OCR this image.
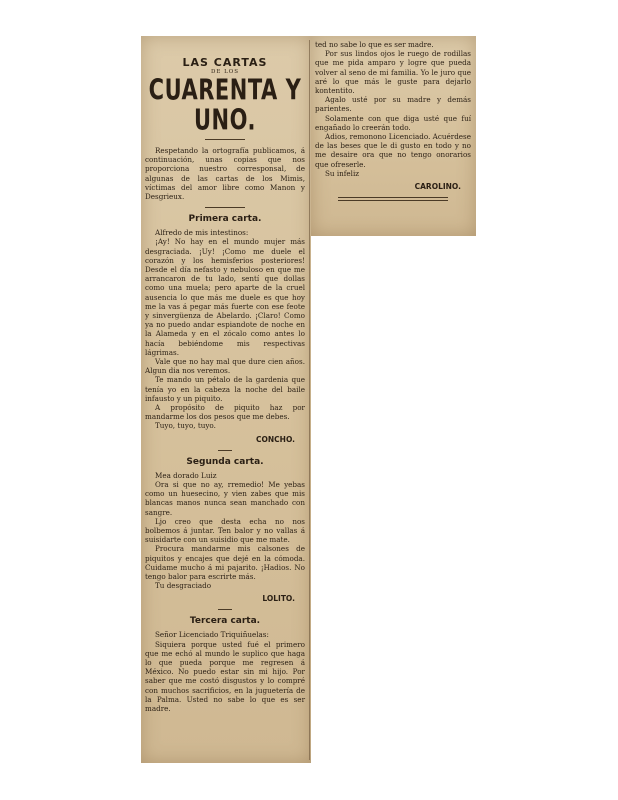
LAS CARTAS
DE LOS
CUARENTA Y UNO.

Respetando la ortografía publicamos, á continuación, unas copias que nos proporciona nuestro corresponsal, de algunas de las cartas de los Mimis, víctimas del amor libre como Manon y Desgrieux.

Primera carta.

Alfredo de mis intestinos:

¡Ay! No hay en el mundo mujer más desgraciada. ¡Uy! ¡Como me duele el corazón y los hemisferios posteriores! Desde el día nefasto y nebuloso en que me arrancaron de tu lado, sentí que dollas como una muela; pero aparte de la cruel ausencia lo que más me duele es que hoy me la vas á pegar más fuerte con ese feote y sinvergüenza de Abelardo. ¡Claro! Como ya no puedo andar espiandote de noche en la Alameda y en el zócalo como antes lo hacía bebiéndome mis respectivas lágrimas.

Vale que no hay mal que dure cien años. Algun dia nos veremos.

Te mando un pétalo de la gardenia que tenía yo en la cabeza la noche del baile infausto y un piquito.

A propósito de piquito haz por mandarme los dos pesos que me debes.

Tuyo, tuyo, tuyo.

CONCHO.
Segunda carta.

Mea dorado Luiz

Ora si que no ay, rremedio! Me yebas como un huesecino, y vien zabes que mis blancas manos nunca sean manchado con sangre.

Ljo creo que desta echa no nos bolbemos á juntar. Ten balor y no vallas á suisidarte con un suisidio que me mate.

Procura mandarme mis calsones de piquitos y encajes que dejé en la cómoda. Cuidame mucho á mi pajarito. ¡Hadios. No tengo balor para escrirte más.

Tu desgraciado

LOLITO.
Tercera carta.

Señor Licenciado Triquiñuelas:

Siquiera porque usted fué el primero que me echó al mundo le suplico que haga lo que pueda porque me regresen á México. No puedo estar sin mi hijo. Por saber que me costó disgustos y lo compré con muchos sacrificios, en la juguetería de la Palma. Usted no sabe lo que es ser madre.

ted no sabe lo que es ser madre.

Por sus lindos ojos le ruego de rodillas que me pida amparo y logre que pueda volver al seno de mi familia. Yo le juro que aré lo que más le guste para dejarlo kontentito.

Agalo usté por su madre y demás parientes.

Solamente con que diga usté que fuí engañado lo creerán todo.

Adios, remonono Licenciado. Acuérdese de las beses que le di gusto en todo y no me desaire ora que no tengo onorarios que ofreserle.

Su infeliz

CAROLINO.
